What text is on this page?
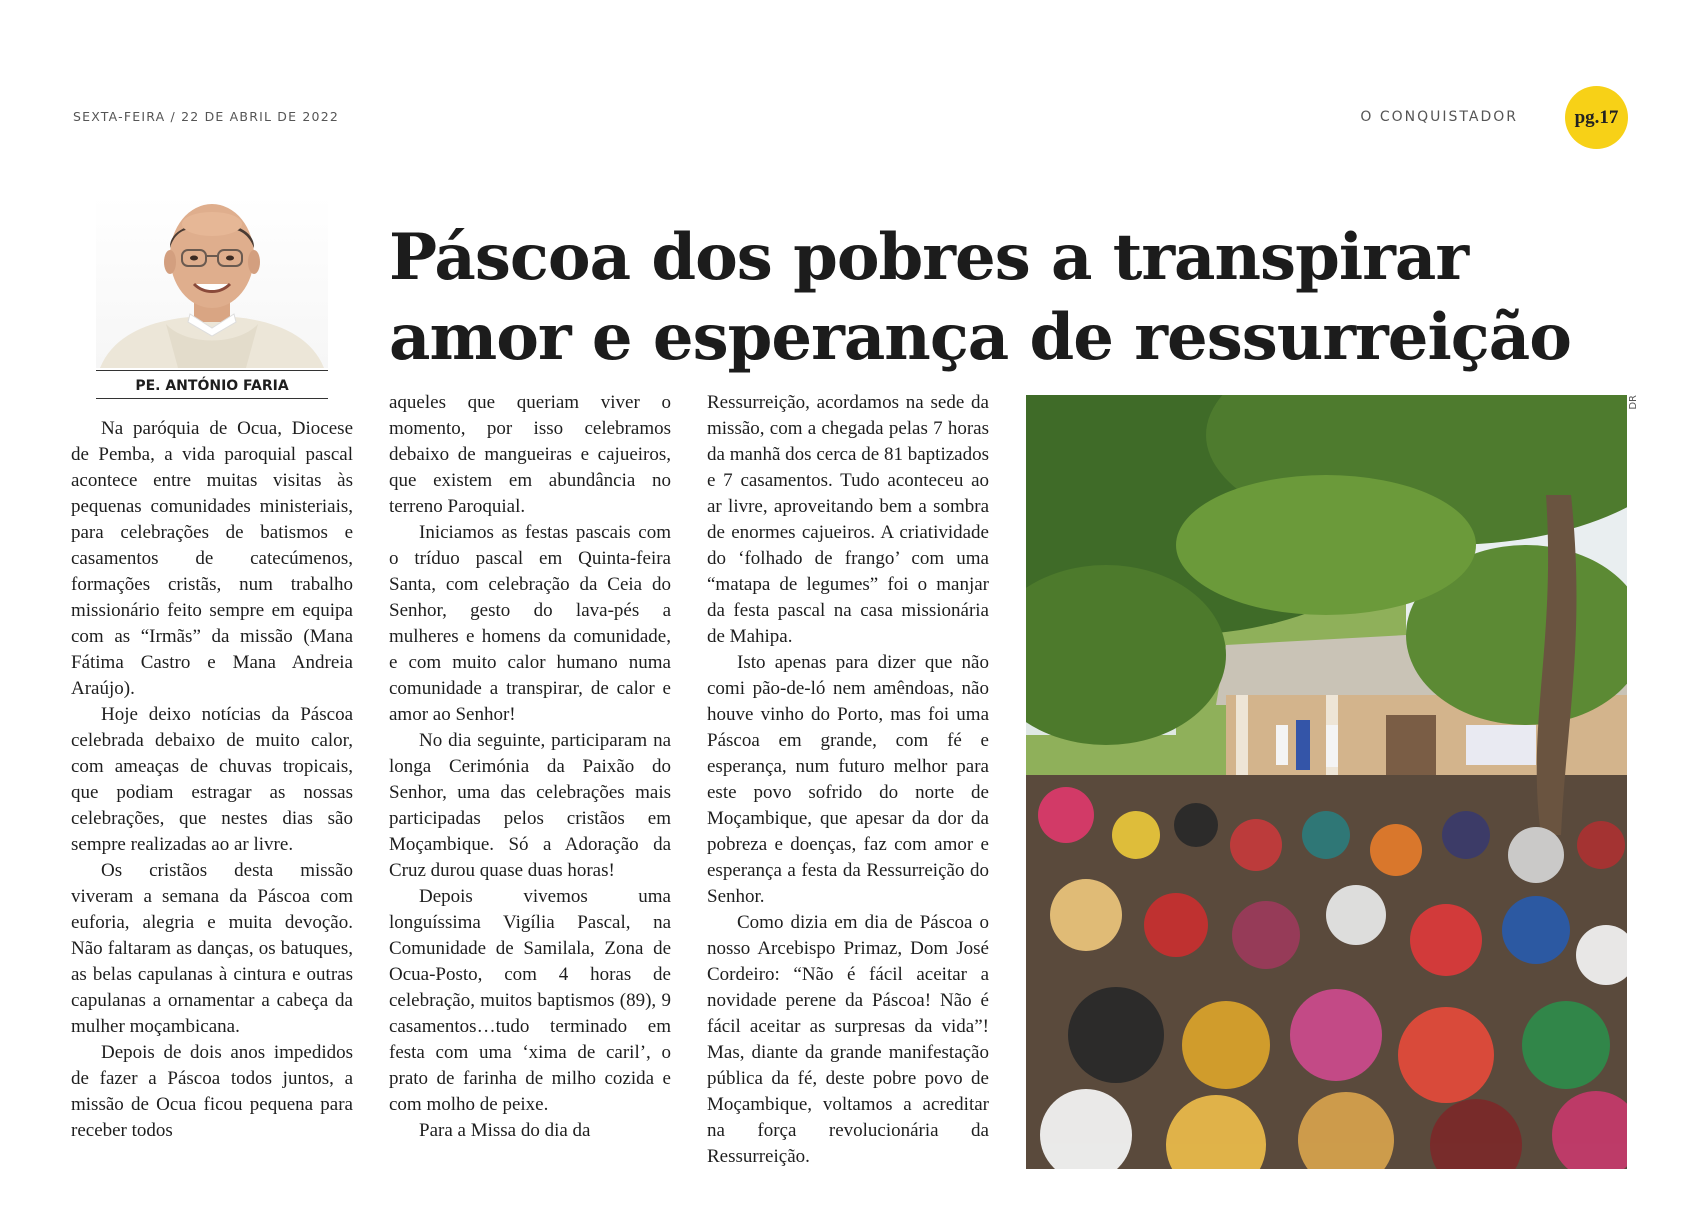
SEXTA-FEIRA / 22 DE ABRIL DE 2022	O CONQUISTADOR	pg.17
Páscoa dos pobres a transpirar amor e esperança de ressurreição
PE. ANTÓNIO FARIA

Na paróquia de Ocua, Diocese de Pemba, a vida paroquial pascal acontece entre muitas visitas às pequenas comunidades ministeriais, para celebrações de batismos e casamentos de catecúmenos, formações cristãs, num trabalho missionário feito sempre em equipa com as “Irmãs” da missão (Mana Fátima Castro e Mana Andreia Araújo).

Hoje deixo notícias da Páscoa celebrada debaixo de muito calor, com ameaças de chuvas tropicais, que podiam estragar as nossas celebrações, que nestes dias são sempre realizadas ao ar livre.

Os cristãos desta missão viveram a semana da Páscoa com euforia, alegria e muita devoção. Não faltaram as danças, os batuques, as belas capulanas à cintura e outras capulanas a ornamentar a cabeça da mulher moçambicana.

Depois de dois anos impedidos de fazer a Páscoa todos juntos, a missão de Ocua ficou pequena para receber todos

aqueles que queriam viver o momento, por isso celebramos debaixo de mangueiras e cajueiros, que existem em abundância no terreno Paroquial.

Iniciamos as festas pascais com o tríduo pascal em Quinta-feira Santa, com celebração da Ceia do Senhor, gesto do lava-pés a mulheres e homens da comunidade, e com muito calor humano numa comunidade a transpirar, de calor e amor ao Senhor!

No dia seguinte, participaram na longa Cerimónia da Paixão do Senhor, uma das celebrações mais participadas pelos cristãos em Moçambique. Só a Adoração da Cruz durou quase duas horas!

Depois vivemos uma longuíssima Vigília Pascal, na Comunidade de Samilala, Zona de Ocua-Posto, com 4 horas de celebração, muitos baptismos (89), 9 casamentos…tudo terminado em festa com uma ‘xima de caril’, o prato de farinha de milho cozida e com molho de peixe.

Para a Missa do dia da

Ressurreição, acordamos na sede da missão, com a chegada pelas 7 horas da manhã dos cerca de 81 baptizados e 7 casamentos. Tudo aconteceu ao ar livre, aproveitando bem a sombra de enormes cajueiros. A criatividade do ‘folhado de frango’ com uma “matapa de legumes” foi o manjar da festa pascal na casa missionária de Mahipa.

Isto apenas para dizer que não comi pão-de-ló nem amêndoas, não houve vinho do Porto, mas foi uma Páscoa em grande, com fé e esperança, num futuro melhor para este povo sofrido do norte de Moçambique, que apesar da dor da pobreza e doenças, faz com amor e esperança a festa da Ressurreição do Senhor.

Como dizia em dia de Páscoa o nosso Arcebispo Primaz, Dom José Cordeiro: “Não é fácil aceitar a novidade perene da Páscoa! Não é fácil aceitar as surpresas da vida”! Mas, diante da grande manifestação pública da fé, deste pobre povo de Moçambique, voltamos a acreditar na força revolucionária da Ressurreição.

DR
